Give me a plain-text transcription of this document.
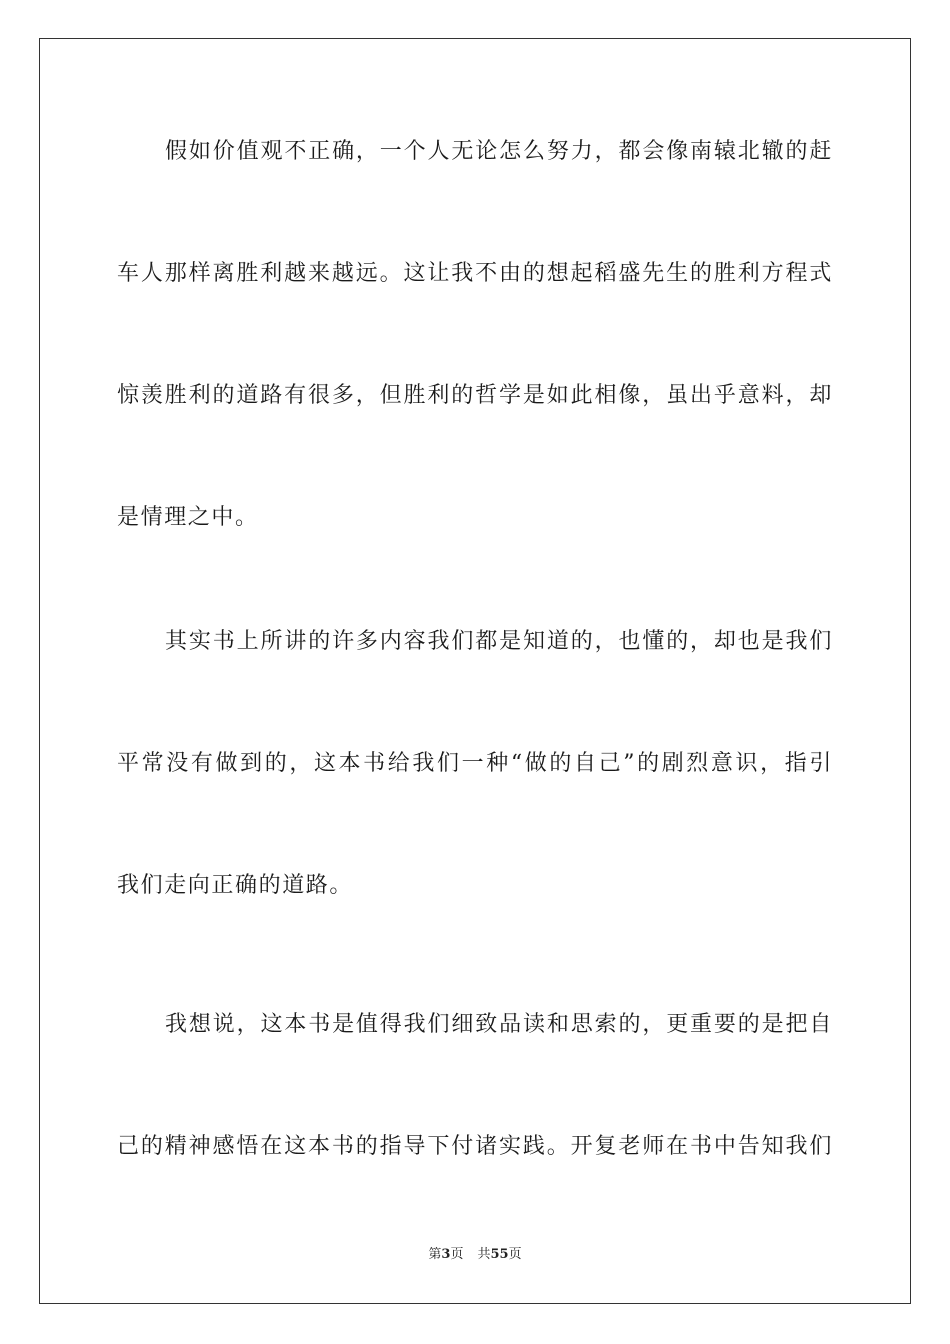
假如价值观不正确，一个人无论怎么努力，都会像南辕北辙的赶
车人那样离胜利越来越远。这让我不由的想起稻盛先生的胜利方程式
惊羡胜利的道路有很多，但胜利的哲学是如此相像，虽出乎意料，却
是情理之中。
其实书上所讲的许多内容我们都是知道的，也懂的，却也是我们
平常没有做到的，这本书给我们一种“做的自己”的剧烈意识，指引
我们走向正确的道路。
我想说，这本书是值得我们细致品读和思索的，更重要的是把自
己的精神感悟在这本书的指导下付诸实践。开复老师在书中告知我们
第3页 共55页
